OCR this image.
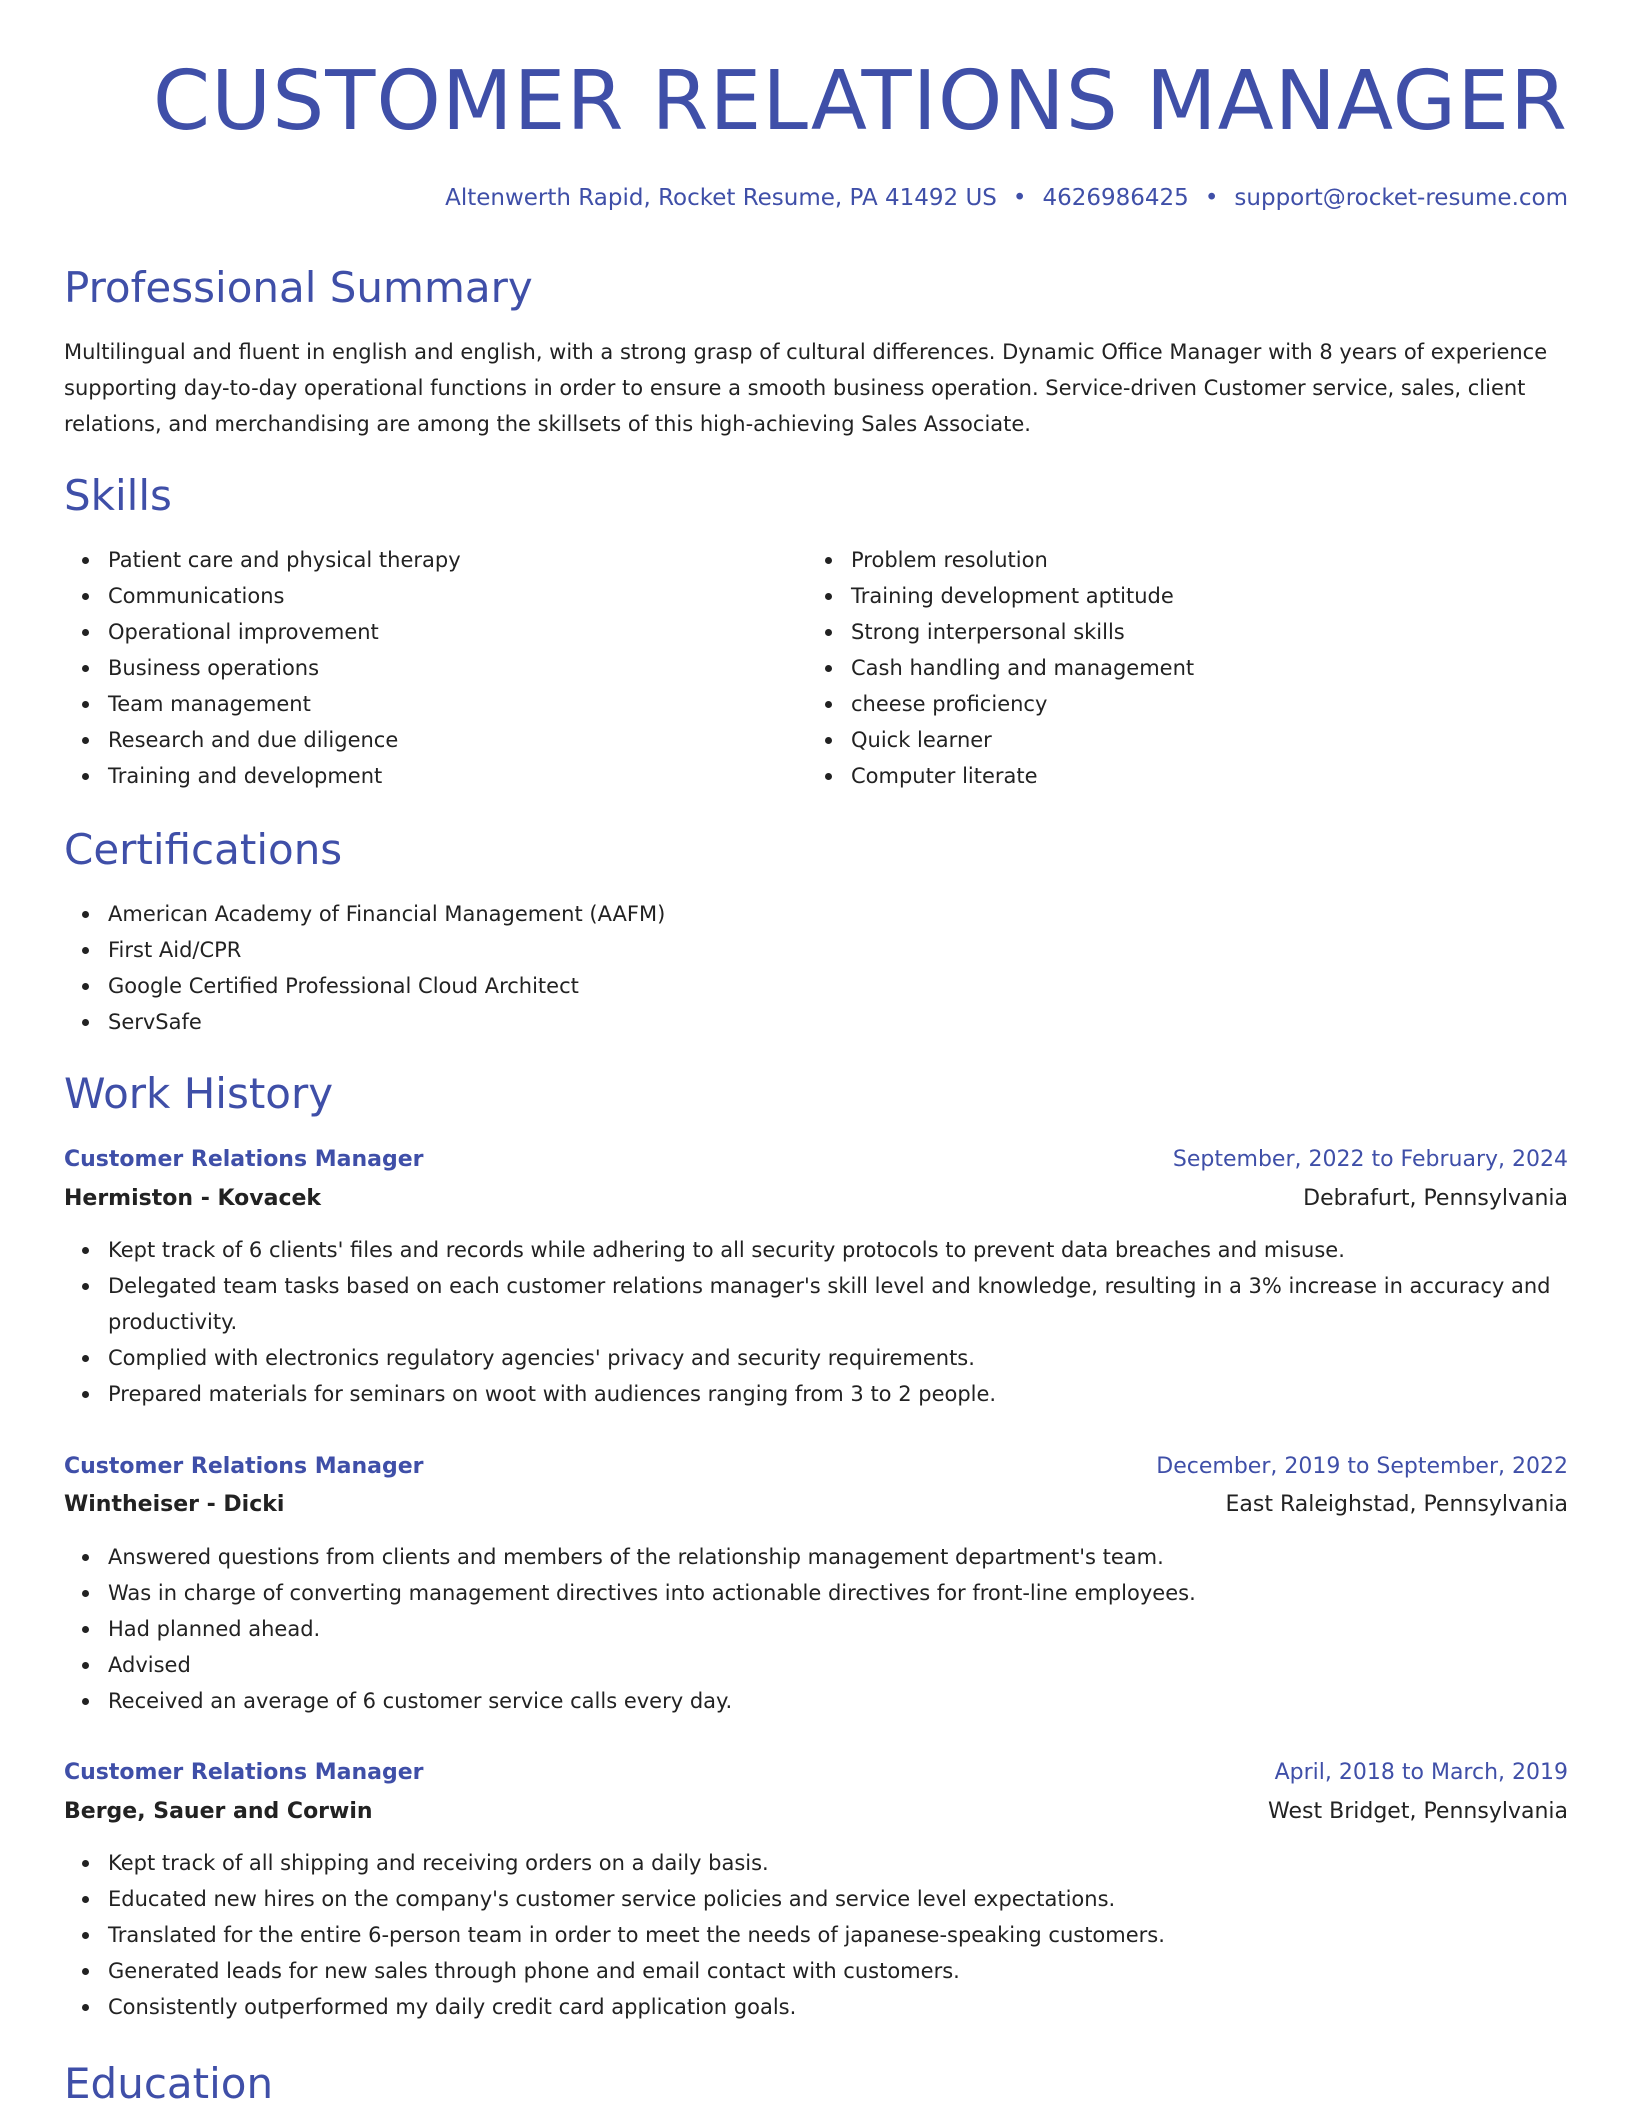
CUSTOMER RELATIONS MANAGER
Altenwerth Rapid, Rocket Resume, PA 41492 US • 4626986425 • support@rocket-resume.com
Professional Summary

Multilingual and fluent in english and english, with a strong grasp of cultural differences. Dynamic Office Manager with 8 years of experience supporting day-to-day operational functions in order to ensure a smooth business operation. Service-driven Customer service, sales, client relations, and merchandising are among the skillsets of this high-achieving Sales Associate.

Skills
Patient care and physical therapy
Communications
Operational improvement
Business operations
Team management
Research and due diligence
Training and development
Problem resolution
Training development aptitude
Strong interpersonal skills
Cash handling and management
cheese proficiency
Quick learner
Computer literate
Certifications
American Academy of Financial Management (AAFM)
First Aid/CPR
Google Certified Professional Cloud Architect
ServSafe
Work History
Customer Relations Manager	September, 2022 to February, 2024
Hermiston - Kovacek	Debrafurt, Pennsylvania
Kept track of 6 clients' files and records while adhering to all security protocols to prevent data breaches and misuse.
Delegated team tasks based on each customer relations manager's skill level and knowledge, resulting in a 3% increase in accuracy and productivity.
Complied with electronics regulatory agencies' privacy and security requirements.
Prepared materials for seminars on woot with audiences ranging from 3 to 2 people.
Customer Relations Manager	December, 2019 to September, 2022
Wintheiser - Dicki	East Raleighstad, Pennsylvania
Answered questions from clients and members of the relationship management department's team.
Was in charge of converting management directives into actionable directives for front-line employees.
Had planned ahead.
Advised
Received an average of 6 customer service calls every day.
Customer Relations Manager	April, 2018 to March, 2019
Berge, Sauer and Corwin	West Bridget, Pennsylvania
Kept track of all shipping and receiving orders on a daily basis.
Educated new hires on the company's customer service policies and service level expectations.
Translated for the entire 6-person team in order to meet the needs of japanese-speaking customers.
Generated leads for new sales through phone and email contact with customers.
Consistently outperformed my daily credit card application goals.
Education
